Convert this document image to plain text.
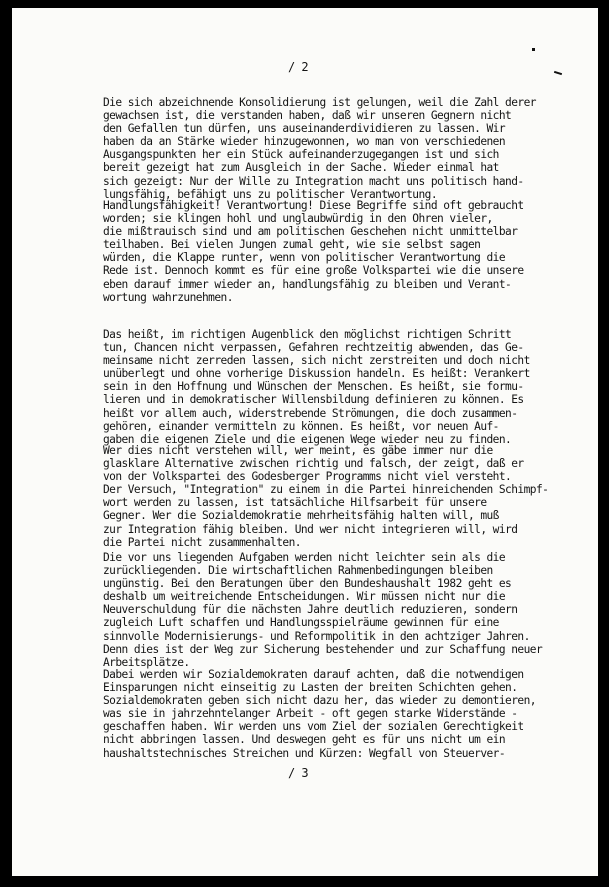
/ 2
Die sich abzeichnende Konsolidierung ist gelungen, weil die Zahl derer
gewachsen ist, die verstanden haben, daß wir unseren Gegnern nicht
den Gefallen tun dürfen, uns auseinanderdividieren zu lassen. Wir
haben da an Stärke wieder hinzugewonnen, wo man von verschiedenen
Ausgangspunkten her ein Stück aufeinanderzugegangen ist und sich
bereit gezeigt hat zum Ausgleich in der Sache. Wieder einmal hat
sich gezeigt: Nur der Wille zu Integration macht uns politisch hand-
lungsfähig, befähigt uns zu politischer Verantwortung.
Handlungsfähigkeit! Verantwortung! Diese Begriffe sind oft gebraucht
worden; sie klingen hohl und unglaubwürdig in den Ohren vieler,
die mißtrauisch sind und am politischen Geschehen nicht unmittelbar
teilhaben. Bei vielen Jungen zumal geht, wie sie selbst sagen
würden, die Klappe runter, wenn von politischer Verantwortung die
Rede ist. Dennoch kommt es für eine große Volkspartei wie die unsere
eben darauf immer wieder an, handlungsfähig zu bleiben und Verant-
wortung wahrzunehmen.
Das heißt, im richtigen Augenblick den möglichst richtigen Schritt
tun, Chancen nicht verpassen, Gefahren rechtzeitig abwenden, das Ge-
meinsame nicht zerreden lassen, sich nicht zerstreiten und doch nicht
unüberlegt und ohne vorherige Diskussion handeln. Es heißt: Verankert
sein in den Hoffnung und Wünschen der Menschen. Es heißt, sie formu-
lieren und in demokratischer Willensbildung definieren zu können. Es
heißt vor allem auch, widerstrebende Strömungen, die doch zusammen-
gehören, einander vermitteln zu können. Es heißt, vor neuen Auf-
gaben die eigenen Ziele und die eigenen Wege wieder neu zu finden.
Wer dies nicht verstehen will, wer meint, es gäbe immer nur die
glasklare Alternative zwischen richtig und falsch, der zeigt, daß er
von der Volkspartei des Godesberger Programms nicht viel versteht.
Der Versuch, "Integration" zu einem in die Partei hinreichenden Schimpf-
wort werden zu lassen, ist tatsächliche Hilfsarbeit für unsere
Gegner. Wer die Sozialdemokratie mehrheitsfähig halten will, muß
zur Integration fähig bleiben. Und wer nicht integrieren will, wird
die Partei nicht zusammenhalten.
Die vor uns liegenden Aufgaben werden nicht leichter sein als die
zurückliegenden. Die wirtschaftlichen Rahmenbedingungen bleiben
ungünstig. Bei den Beratungen über den Bundeshaushalt 1982 geht es
deshalb um weitreichende Entscheidungen. Wir müssen nicht nur die
Neuverschuldung für die nächsten Jahre deutlich reduzieren, sondern
zugleich Luft schaffen und Handlungsspielräume gewinnen für eine
sinnvolle Modernisierungs- und Reformpolitik in den achtziger Jahren.
Denn dies ist der Weg zur Sicherung bestehender und zur Schaffung neuer
Arbeitsplätze.
Dabei werden wir Sozialdemokraten darauf achten, daß die notwendigen
Einsparungen nicht einseitig zu Lasten der breiten Schichten gehen.
Sozialdemokraten geben sich nicht dazu her, das wieder zu demontieren,
was sie in jahrzehntelanger Arbeit - oft gegen starke Widerstände -
geschaffen haben. Wir werden uns vom Ziel der sozialen Gerechtigkeit
nicht abbringen lassen. Und deswegen geht es für uns nicht um ein
haushaltstechnisches Streichen und Kürzen: Wegfall von Steuerver-
/ 3
